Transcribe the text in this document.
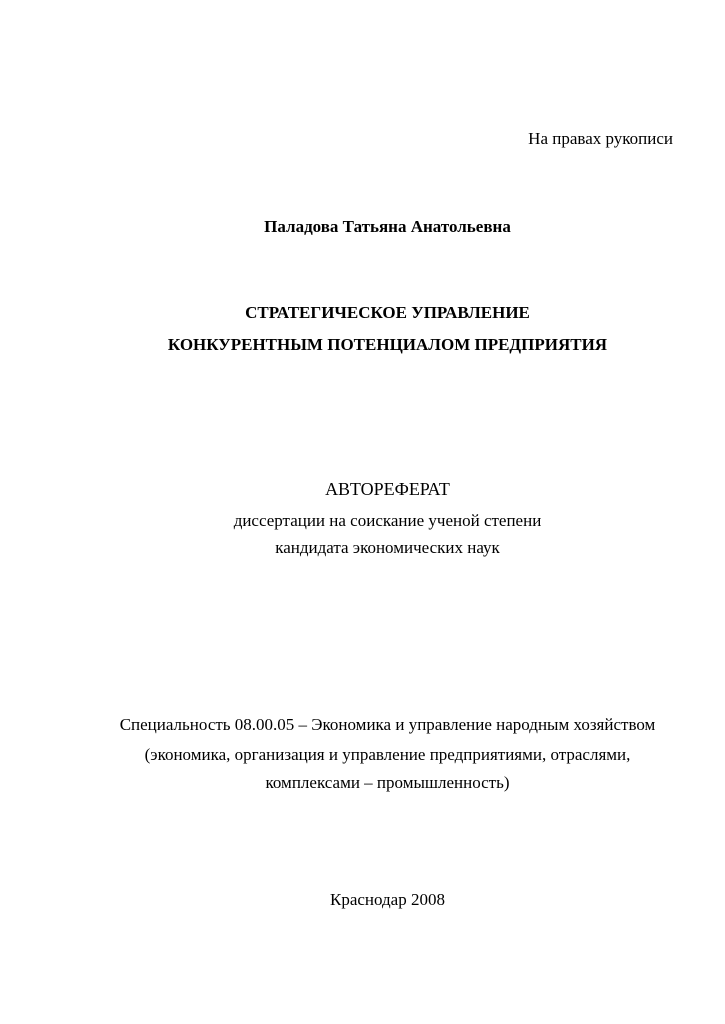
На правах рукописи
Паладова Татьяна Анатольевна
СТРАТЕГИЧЕСКОЕ УПРАВЛЕНИЕ
КОНКУРЕНТНЫМ ПОТЕНЦИАЛОМ ПРЕДПРИЯТИЯ
АВТОРЕФЕРАТ
диссертации на соискание ученой степени
кандидата экономических наук
Специальность 08.00.05 – Экономика и управление народным хозяйством
(экономика, организация и управление предприятиями, отраслями,
комплексами – промышленность)
Краснодар 2008
